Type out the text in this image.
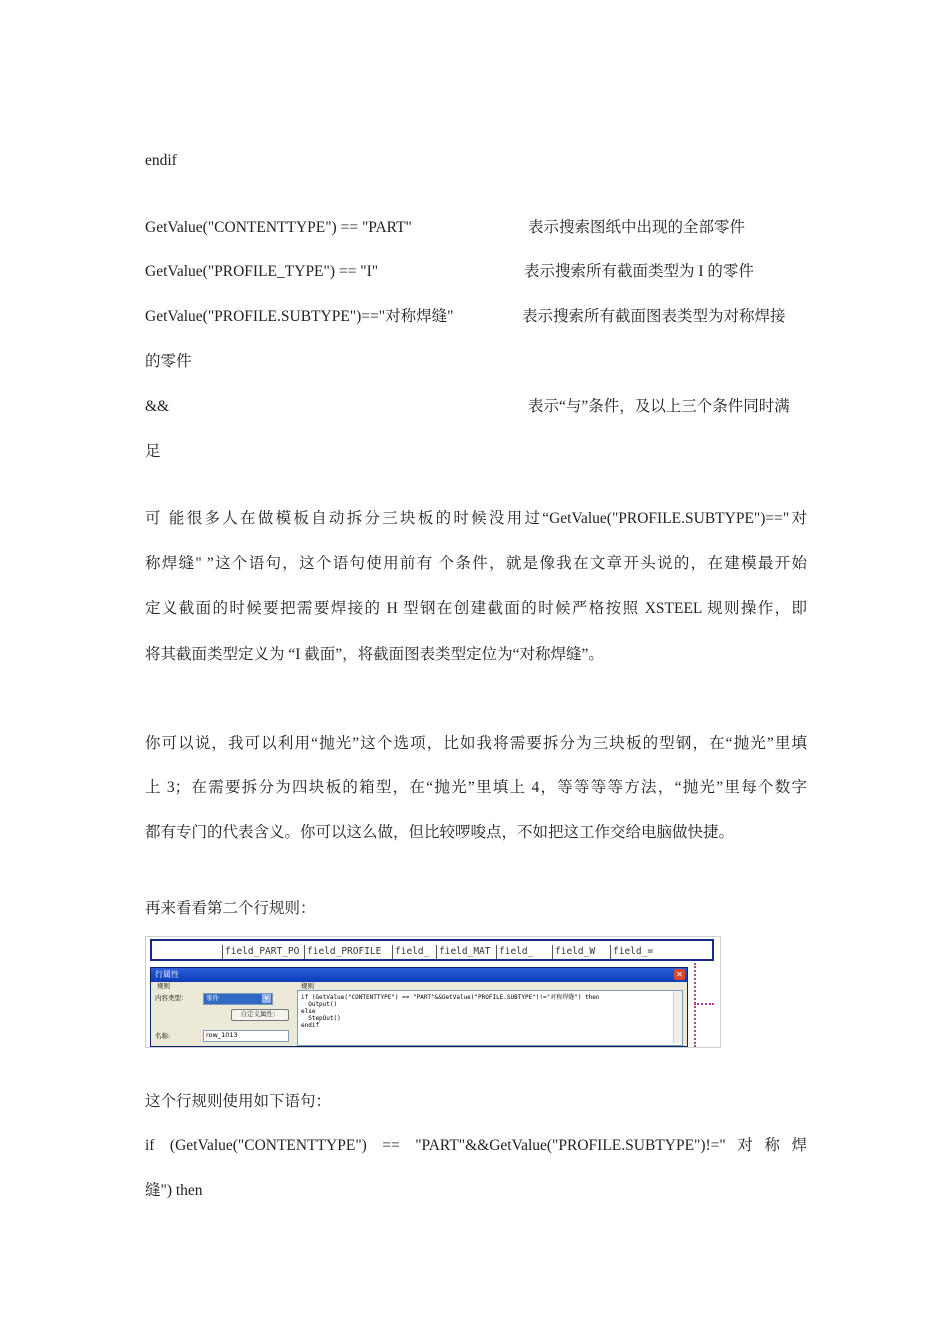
endif
GetValue("CONTENTTYPE") == "PART"	表示搜索图纸中出现的全部零件
GetValue("PROFILE_TYPE") == "I"	表示搜索所有截面类型为 I 的零件
GetValue("PROFILE.SUBTYPE")=="对称焊缝"	表示搜索所有截面图表类型为对称焊接
的零件
&&	表示“与”条件，及以上三个条件同时满
足
可 能很多人在做模板自动拆分三块板的时候没用过“GetValue("PROFILE.SUBTYPE")=="对
称焊缝" ”这个语句，这个语句使用前有 个条件，就是像我在文章开头说的，在建模最开始
定义截面的时候要把需要焊接的 H 型钢在创建截面的时候严格按照 XSTEEL 规则操作，即
将其截面类型定义为 “I 截面”，将截面图表类型定位为“对称焊缝”。
你可以说，我可以利用“抛光”这个选项，比如我将需要拆分为三块板的型钢，在“抛光”里填
上 3；在需要拆分为四块板的箱型，在“抛光”里填上 4，等等等等方法，“抛光”里每个数字
都有专门的代表含义。你可以这么做，但比较啰唆点，不如把这工作交给电脑做快捷。
再来看看第二个行规则：
field_PART_PO field_PROFILE	field_	field_MAT field_	field_W	field_=
行属性	✕
规则	规则
内容类型：	零件	▾
自定义属性：
名称:	row_1013
if (GetValue("CONTENTTYPE") == "PART"&&GetValue("PROFILE.SUBTYPE")!="对称焊缝") then
Output()
else
StepOut()
endif
这个行规则使用如下语句：
if (GetValue("CONTENTTYPE") == "PART"&&GetValue("PROFILE.SUBTYPE")!="对称焊
缝") then
